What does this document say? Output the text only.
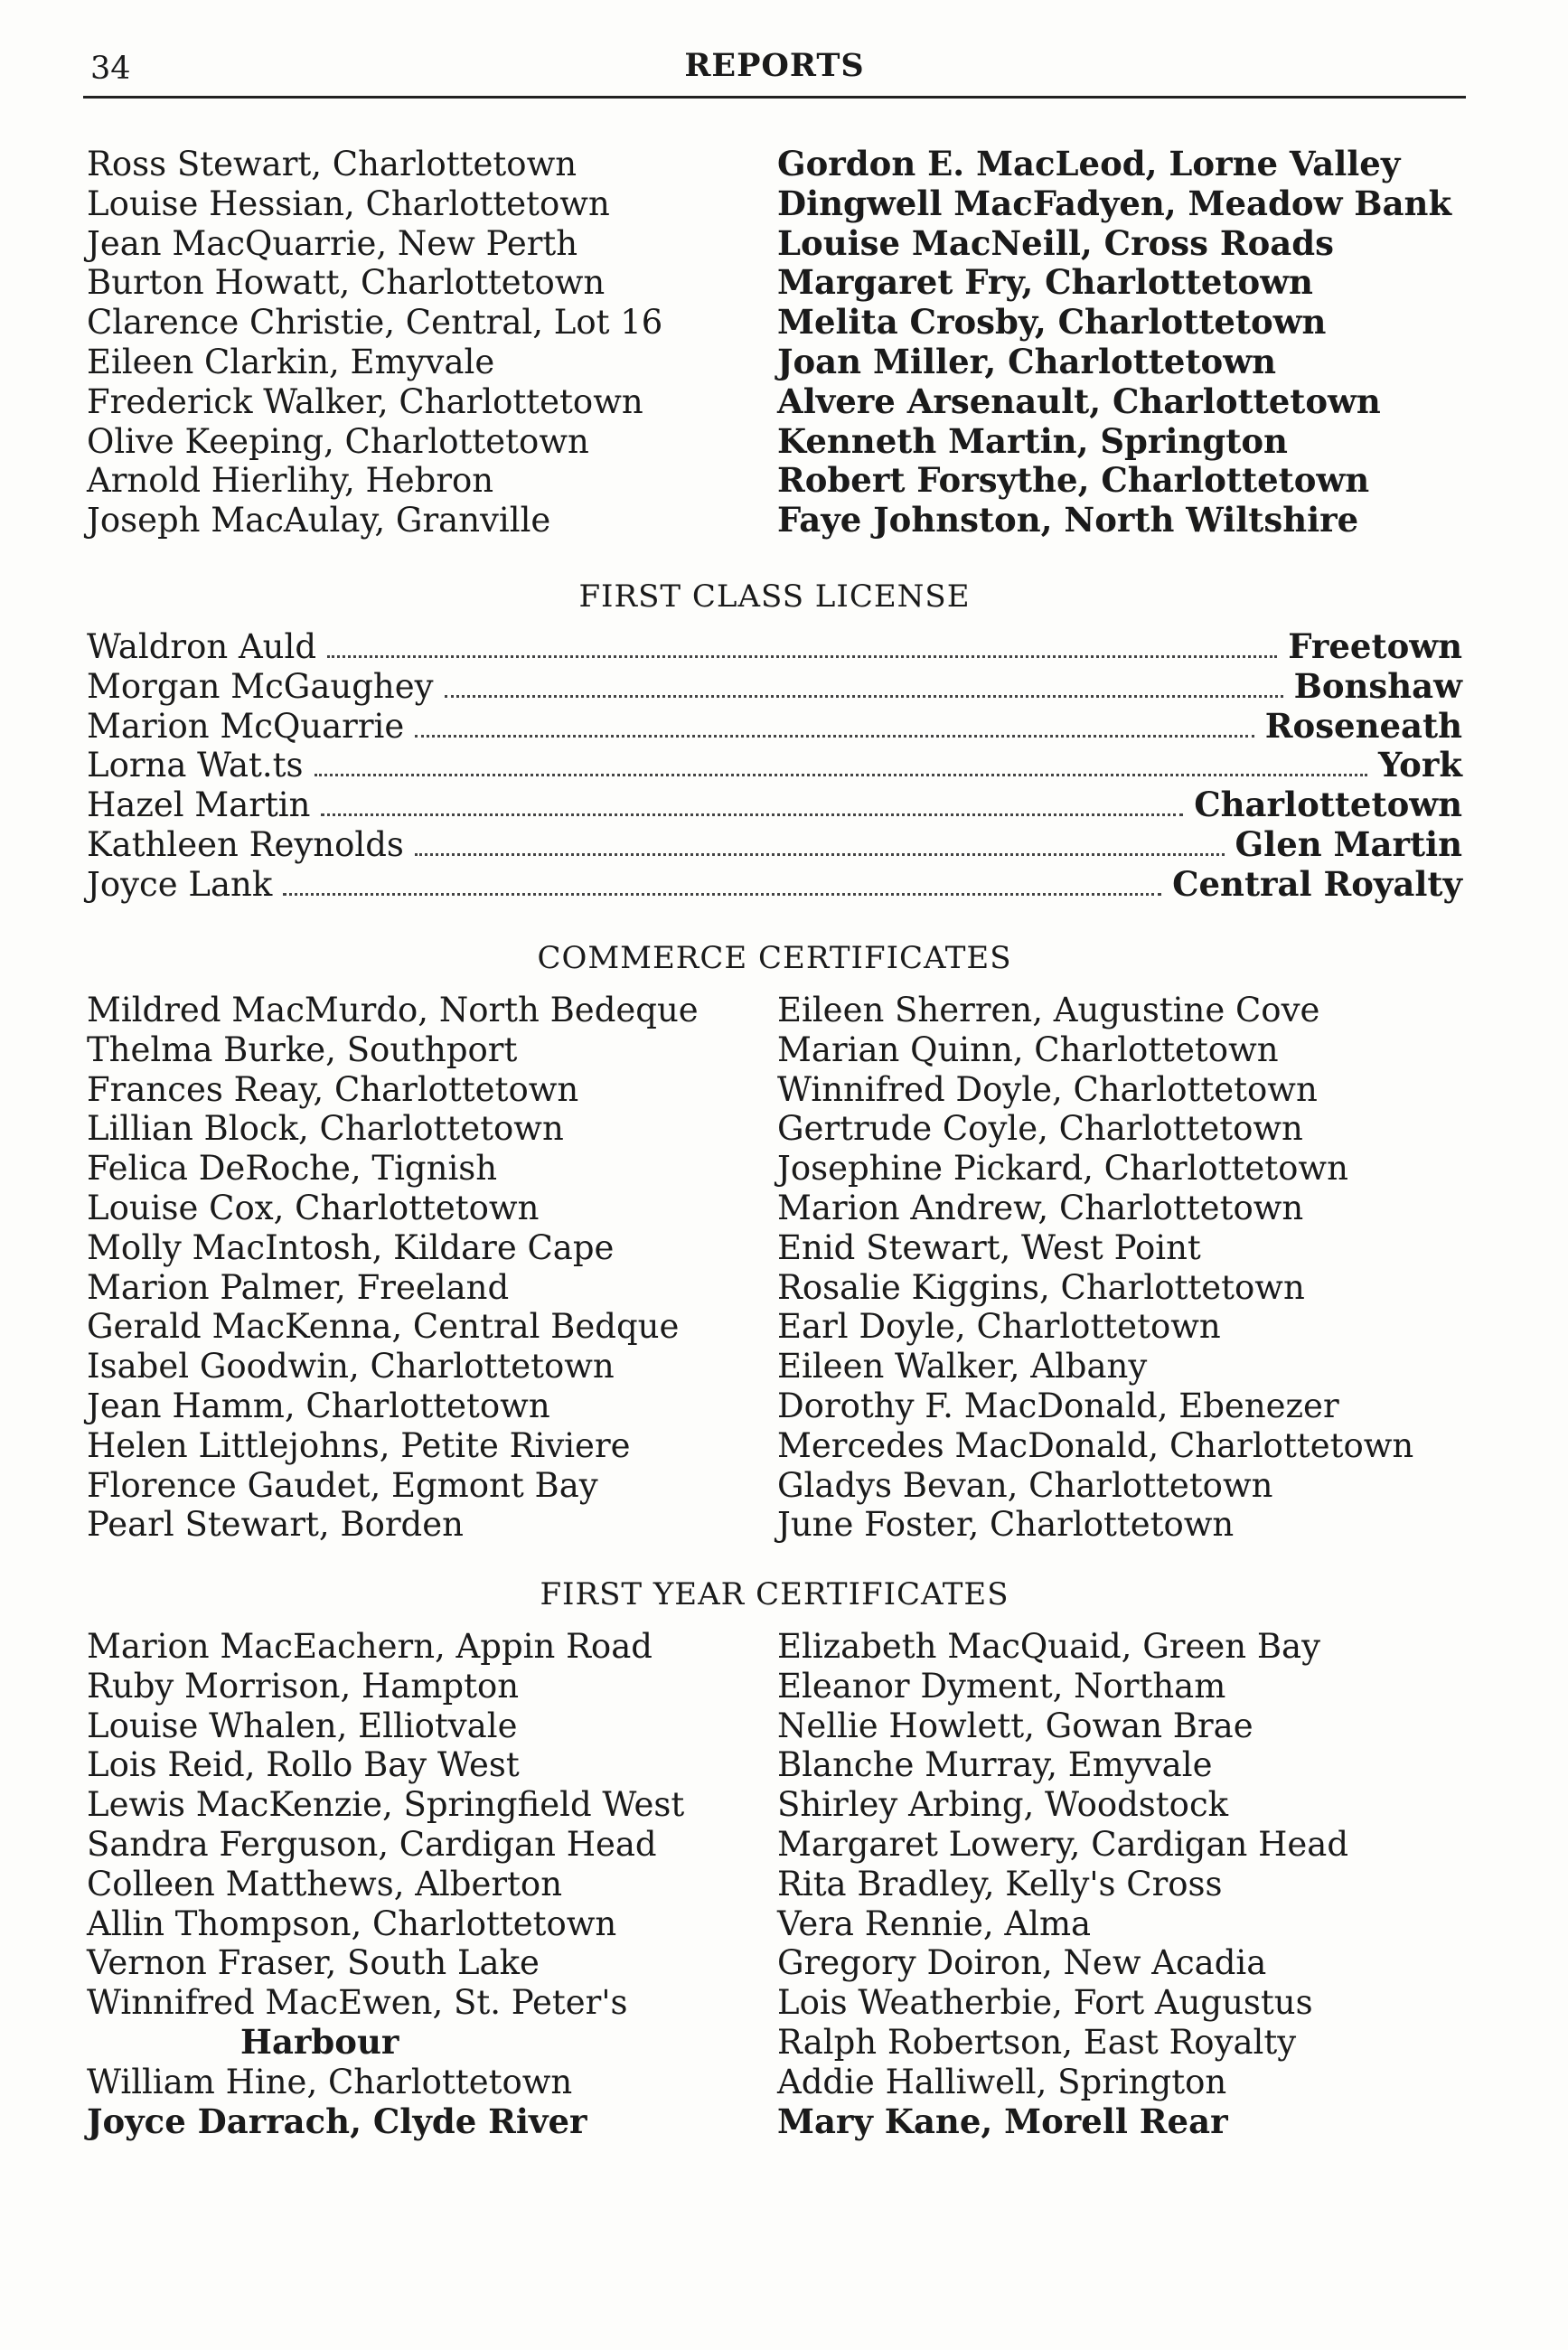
34	REPORTS
Ross Stewart, Charlottetown
Louise Hessian, Charlottetown
Jean MacQuarrie, New Perth
Burton Howatt, Charlottetown
Clarence Christie, Central, Lot 16
Eileen Clarkin, Emyvale
Frederick Walker, Charlottetown
Olive Keeping, Charlottetown
Arnold Hierlihy, Hebron
Joseph MacAulay, Granville
Gordon E. MacLeod, Lorne Valley
Dingwell MacFadyen, Meadow Bank
Louise MacNeill, Cross Roads
Margaret Fry, Charlottetown
Melita Crosby, Charlottetown
Joan Miller, Charlottetown
Alvere Arsenault, Charlottetown
Kenneth Martin, Springton
Robert Forsythe, Charlottetown
Faye Johnston, North Wiltshire
FIRST CLASS LICENSE
Waldron Auld	Freetown
Morgan McGaughey	Bonshaw
Marion McQuarrie	Roseneath
Lorna Wat.ts	York
Hazel Martin	Charlottetown
Kathleen Reynolds	Glen Martin
Joyce Lank	Central Royalty
COMMERCE CERTIFICATES
Mildred MacMurdo, North Bedeque
Thelma Burke, Southport
Frances Reay, Charlottetown
Lillian Block, Charlottetown
Felica DeRoche, Tignish
Louise Cox, Charlottetown
Molly MacIntosh, Kildare Cape
Marion Palmer, Freeland
Gerald MacKenna, Central Bedque
Isabel Goodwin, Charlottetown
Jean Hamm, Charlottetown
Helen Littlejohns, Petite Riviere
Florence Gaudet, Egmont Bay
Pearl Stewart, Borden
Eileen Sherren, Augustine Cove
Marian Quinn, Charlottetown
Winnifred Doyle, Charlottetown
Gertrude Coyle, Charlottetown
Josephine Pickard, Charlottetown
Marion Andrew, Charlottetown
Enid Stewart, West Point
Rosalie Kiggins, Charlottetown
Earl Doyle, Charlottetown
Eileen Walker, Albany
Dorothy F. MacDonald, Ebenezer
Mercedes MacDonald, Charlottetown
Gladys Bevan, Charlottetown
June Foster, Charlottetown
FIRST YEAR CERTIFICATES
Marion MacEachern, Appin Road
Ruby Morrison, Hampton
Louise Whalen, Elliotvale
Lois Reid, Rollo Bay West
Lewis MacKenzie, Springfield West
Sandra Ferguson, Cardigan Head
Colleen Matthews, Alberton
Allin Thompson, Charlottetown
Vernon Fraser, South Lake
Winnifred MacEwen, St. Peter's
Harbour
William Hine, Charlottetown
Joyce Darrach, Clyde River
Elizabeth MacQuaid, Green Bay
Eleanor Dyment, Northam
Nellie Howlett, Gowan Brae
Blanche Murray, Emyvale
Shirley Arbing, Woodstock
Margaret Lowery, Cardigan Head
Rita Bradley, Kelly's Cross
Vera Rennie, Alma
Gregory Doiron, New Acadia
Lois Weatherbie, Fort Augustus
Ralph Robertson, East Royalty
Addie Halliwell, Springton
Mary Kane, Morell Rear
